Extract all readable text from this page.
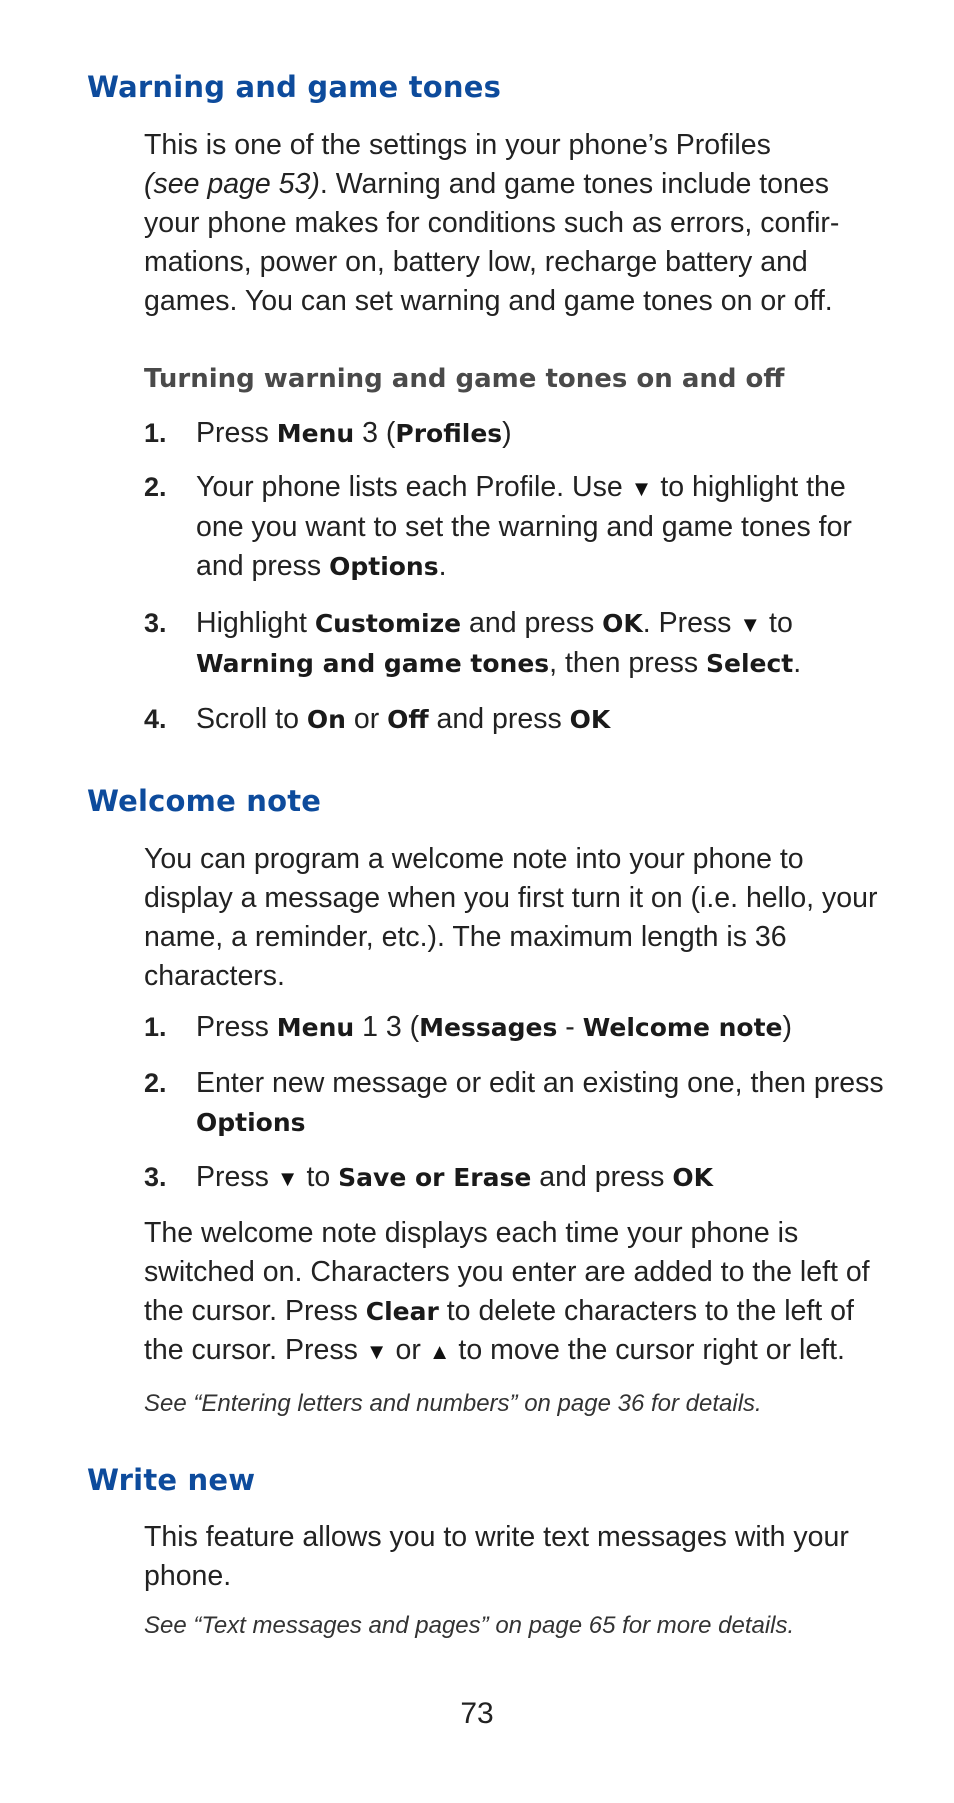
Warning and game tones

This is one of the settings in your phone’s Profiles
(see page 53). Warning and game tones include tones your phone makes for conditions such as errors, confir-mations, power on, battery low, recharge battery and games. You can set warning and game tones on or off.

Turning warning and game tones on and off
1. Press Menu 3 (Profiles)
2. Your phone lists each Profile. Use ▼ to highlight the one you want to set the warning and game tones for and press Options.
3. Highlight Customize and press OK. Press ▼ to Warning and game tones, then press Select.
4. Scroll to On or Off and press OK
Welcome note

You can program a welcome note into your phone to display a message when you first turn it on (i.e. hello, your name, a reminder, etc.). The maximum length is 36 characters.

1. Press Menu 1 3 (Messages - Welcome note)
2. Enter new message or edit an existing one, then press Options
3. Press ▼ to Save or Erase and press OK

The welcome note displays each time your phone is switched on. Characters you enter are added to the left of the cursor. Press Clear to delete characters to the left of the cursor. Press ▼ or ▲ to move the cursor right or left.

See “Entering letters and numbers” on page 36 for details.

Write new

This feature allows you to write text messages with your phone.

See “Text messages and pages” on page 65 for more details.

73
